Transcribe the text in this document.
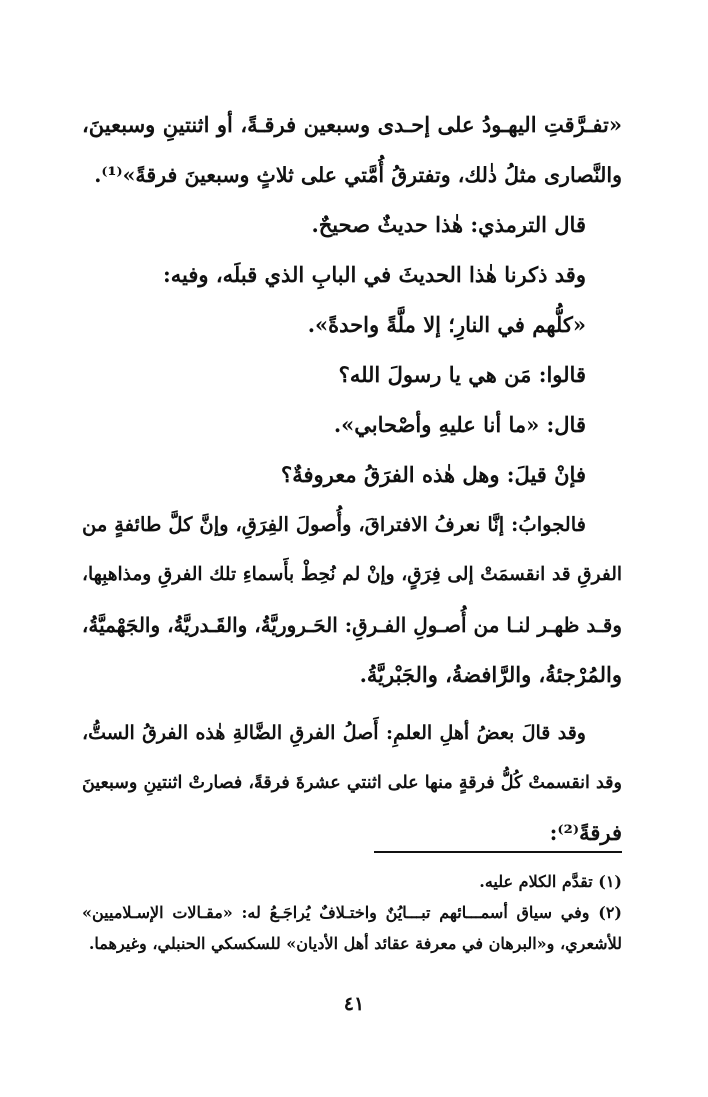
«تفـرَّقتِ اليهـودُ على إحـدى وسبعين فرقـةً، أو اثنتينِ وسبعينَ،
والنَّصارى مثلُ ذٰلك، وتفترقُ أُمَّتي على ثلاثٍ وسبعينَ فرقةً»⁽¹⁾.
قال الترمذي: هٰذا حديثٌ صحيحٌ.
وقد ذكرنا هٰذا الحديثَ في البابِ الذي قبلَه، وفيه:
«كلُّهم في النارِ؛ إلا ملَّةً واحدةً».
قالوا: مَن هي يا رسولَ الله؟
قال: «ما أنا عليهِ وأصْحابي».
فإنْ قيلَ: وهل هٰذه الفرَقُ معروفةٌ؟
فالجوابُ: إنَّا نعرفُ الافتراقَ، وأُصولَ الفِرَقِ، وإنَّ كلَّ طائفةٍ من
الفرقِ قد انقسمَتْ إلى فِرَقٍ، وإنْ لم نُحِطْ بأَسماءِ تلك الفرقِ ومذاهبِها،
وقـد ظهـر لنـا من أُصـولِ الفـرقِ: الحَـروريَّةُ، والقَـدريَّةُ، والجَهْميَّةُ،
والمُرْجئةُ، والرَّافضةُ، والجَبْريَّةُ.
وقد قالَ بعضُ أهلِ العلمِ: أَصلُ الفرقِ الضَّالةِ هٰذه الفرقُ الستُّ،
وقد انقسمتْ كُلُّ فرقةٍ منها على اثنتي عشرةَ فرقةً، فصارتْ اثنتينِ وسبعينَ
فرقةً⁽²⁾:
(١) تقدَّم الكلام عليه.
(٢) وفي سياق أسمـــائهم تبـــايُنٌ واختـلافٌ يُراجَـعُ له: «مقـالات الإسـلاميين»
للأشعري، و«البرهان في معرفة عقائد أهل الأديان» للسكسكي الحنبلي، وغيرهما.
٤١
